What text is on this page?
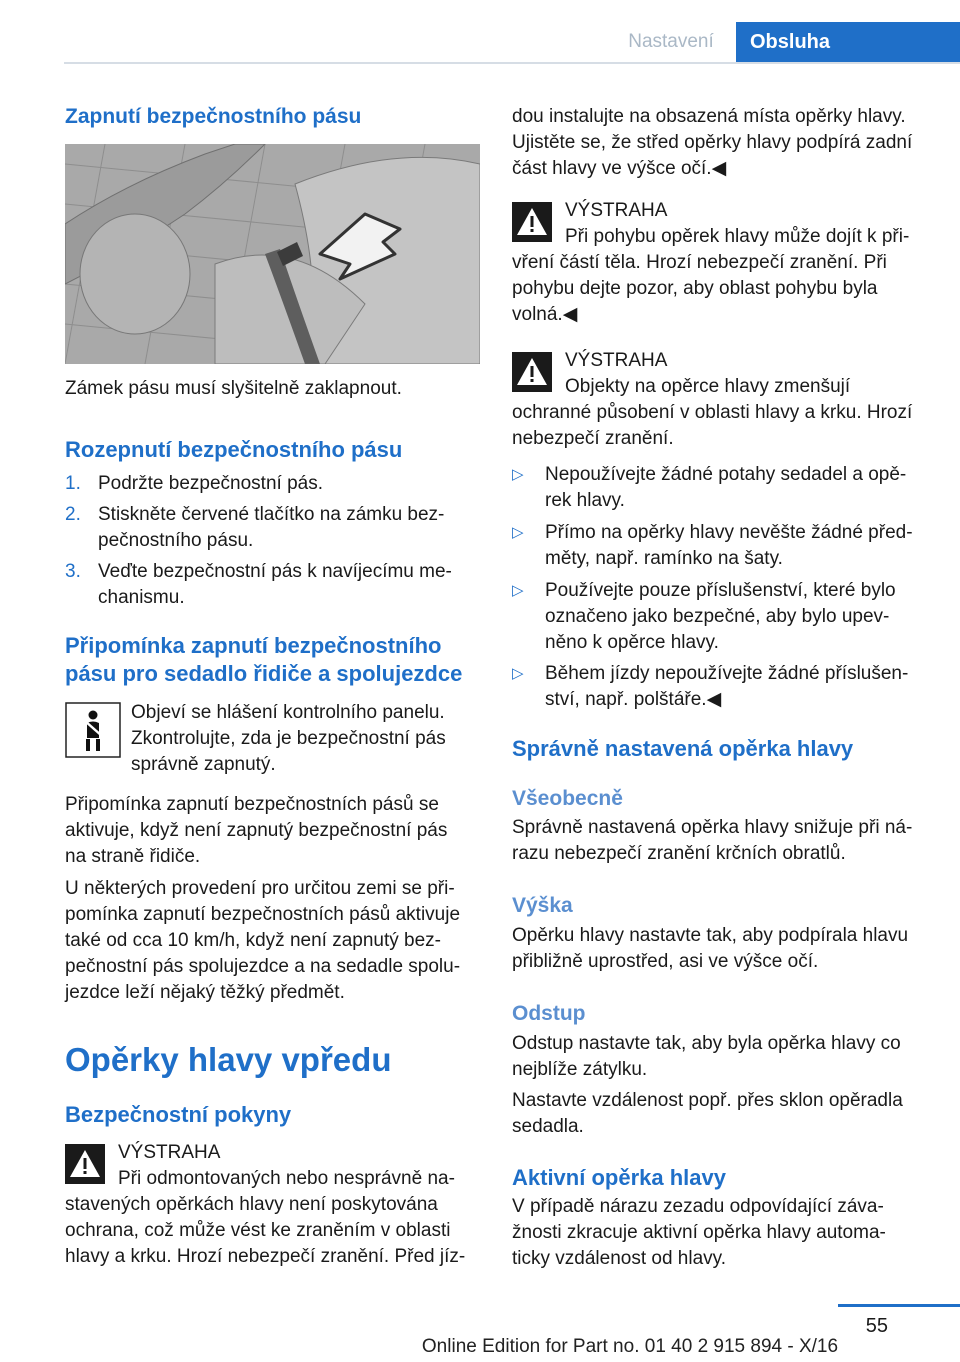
Nastavení	Obsluha
Zapnutí bezpečnostního pásu
Zámek pásu musí slyšitelně zaklapnout.
Rozepnutí bezpečnostního pásu
1. Podržte bezpečnostní pás.
2. Stiskněte červené tlačítko na zámku bez‐
pečnostního pásu.
3. Veďte bezpečnostní pás k navíjecímu me‐
chanismu.
Připomínka zapnutí bezpečnostního
pásu pro sedadlo řidiče a spolujezdce
Objeví se hlášení kontrolního panelu.
Zkontrolujte, zda je bezpečnostní pás
správně zapnutý.
Připomínka zapnutí bezpečnostních pásů se
aktivuje, když není zapnutý bezpečnostní pás
na straně řidiče.
U některých provedení pro určitou zemi se při‐
pomínka zapnutí bezpečnostních pásů aktivuje
také od cca 10 km/h, když není zapnutý bez‐
pečnostní pás spolujezdce a na sedadle spolu‐
jezdce leží nějaký těžký předmět.
Opěrky hlavy vpředu
Bezpečnostní pokyny
VÝSTRAHA
Při odmontovaných nebo nesprávně na‐
stavených opěrkách hlavy není poskytována
ochrana, což může vést ke zraněním v oblasti
hlavy a krku. Hrozí nebezpečí zranění. Před jíz‐
dou instalujte na obsazená místa opěrky hlavy.
Ujistěte se, že střed opěrky hlavy podpírá zadní
část hlavy ve výšce očí.◀
VÝSTRAHA
Při pohybu opěrek hlavy může dojít k při‐
vření částí těla. Hrozí nebezpečí zranění. Při
pohybu dejte pozor, aby oblast pohybu byla
volná.◀
VÝSTRAHA
Objekty na opěrce hlavy zmenšují
ochranné působení v oblasti hlavy a krku. Hrozí
nebezpečí zranění.
▷ Nepoužívejte žádné potahy sedadel a opě‐
rek hlavy.
▷ Přímo na opěrky hlavy nevěšte žádné před‐
měty, např. ramínko na šaty.
▷ Používejte pouze příslušenství, které bylo
označeno jako bezpečné, aby bylo upev‐
něno k opěrce hlavy.
▷ Během jízdy nepoužívejte žádné příslušen‐
ství, např. polštáře.◀
Správně nastavená opěrka hlavy
Všeobecně
Správně nastavená opěrka hlavy snižuje při ná‐
razu nebezpečí zranění krčních obratlů.
Výška
Opěrku hlavy nastavte tak, aby podpírala hlavu
přibližně uprostřed, asi ve výšce očí.
Odstup
Odstup nastavte tak, aby byla opěrka hlavy co
nejblíže zátylku.
Nastavte vzdálenost popř. přes sklon opěradla
sedadla.
Aktivní opěrka hlavy
V případě nárazu zezadu odpovídající záva‐
žnosti zkracuje aktivní opěrka hlavy automa‐
ticky vzdálenost od hlavy.
55
Online Edition for Part no. 01 40 2 915 894 - X/16
